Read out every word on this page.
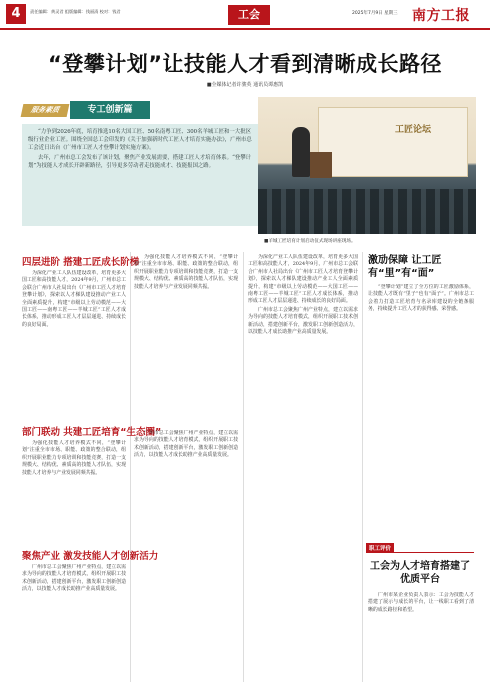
4	责任编辑：黄灵君 组版编辑：钱丽清 校对：钱君	工会	2025年7月9日 星期三 南方工报
“登攀计划”让技能人才看到清晰成长路径
■全媒体记者许骏英 通讯员谭惠凯
服务素质	专工创新篇

“力争到2026年底，培育推选10名大国工匠、50名南粤工匠、300名羊城工匠和一大批区级行业企业工匠。围绕全国总工会印发的《关于加强新时代工匠人才培育实施办法》，广州市总工会近日出台《广州市工匠人才登攀计划实施方案》。

去年，广州市总工会发布了该计划，聚焦产业发展需要，搭建工匠人才培育体系。“登攀计划”为技能人才成长开辟新路径，引导更多劳动者走技能成才、技能报国之路。

工匠论坛
■羊城工匠培育计划启动仪式现场讲座现场。
四层进阶 搭建工匠成长阶梯

为深化产业工人队伍建设改革，培育更多大国工匠和高技能人才，2024年9月，广州市总工会联合广州市人社局出台《广州市工匠人才培育登攀计划》，探索以人才梯队建设推动产业工人全面素质提升，构建“市级以上劳动模范——大国工匠——南粤工匠——羊城工匠”工匠人才成长体系，推动形成工匠人才层层递进、持续成长的良好局面。

为强化技能人才培养模式不同，“登攀计划”注重全市市场、职能、政策的整合联动，组织开展职业能力专项培训和技能竞赛，打造一支规模大、结构优、素质高的技能人才队伍，实现技能人才培养与产业发展同频共振。

部门联动 共建工匠培育“生态圈”

为强化技能人才培养模式不同，“登攀计划”注重全市市场、职能、政策的整合联动，组织开展职业能力专项培训和技能竞赛，打造一支规模大、结构优、素质高的技能人才队伍，实现技能人才培养与产业发展同频共振。

聚焦产业 激发技能人才创新活力

广州市总工会聚焦广州产业特点，建立以需求为导向的技能人才培育模式，组织开展职工技术创新活动，搭建创新平台，激发职工创新创造活力，以技能人才成长助推产业高质量发展。

广州市总工会聚焦广州产业特点，建立以需求为导向的技能人才培育模式，组织开展职工技术创新活动，搭建创新平台，激发职工创新创造活力，以技能人才成长助推产业高质量发展。

为深化产业工人队伍建设改革，培育更多大国工匠和高技能人才，2024年9月，广州市总工会联合广州市人社局出台《广州市工匠人才培育登攀计划》，探索以人才梯队建设推动产业工人全面素质提升，构建“市级以上劳动模范——大国工匠——南粤工匠——羊城工匠”工匠人才成长体系，推动形成工匠人才层层递进、持续成长的良好局面。

广州市总工会聚焦广州产业特点，建立以需求为导向的技能人才培育模式，组织开展职工技术创新活动，搭建创新平台，激发职工创新创造活力，以技能人才成长助推产业高质量发展。

激劢保障 让工匠有“里”有“面”

“登攀计划”建立了全方位的工匠激励体系，让技能人才既有“里子”也有“面子”。广州市总工会着力打造工匠培育与名录库建设的全链条服务，持续提升工匠人才的获得感、荣誉感。

职工评价
工会为人才培育搭建了优质平台

广州市某企业负责人表示：工会为技能人才搭建了展示与成长的平台，让一线职工看到了清晰的成长路径和希望。
